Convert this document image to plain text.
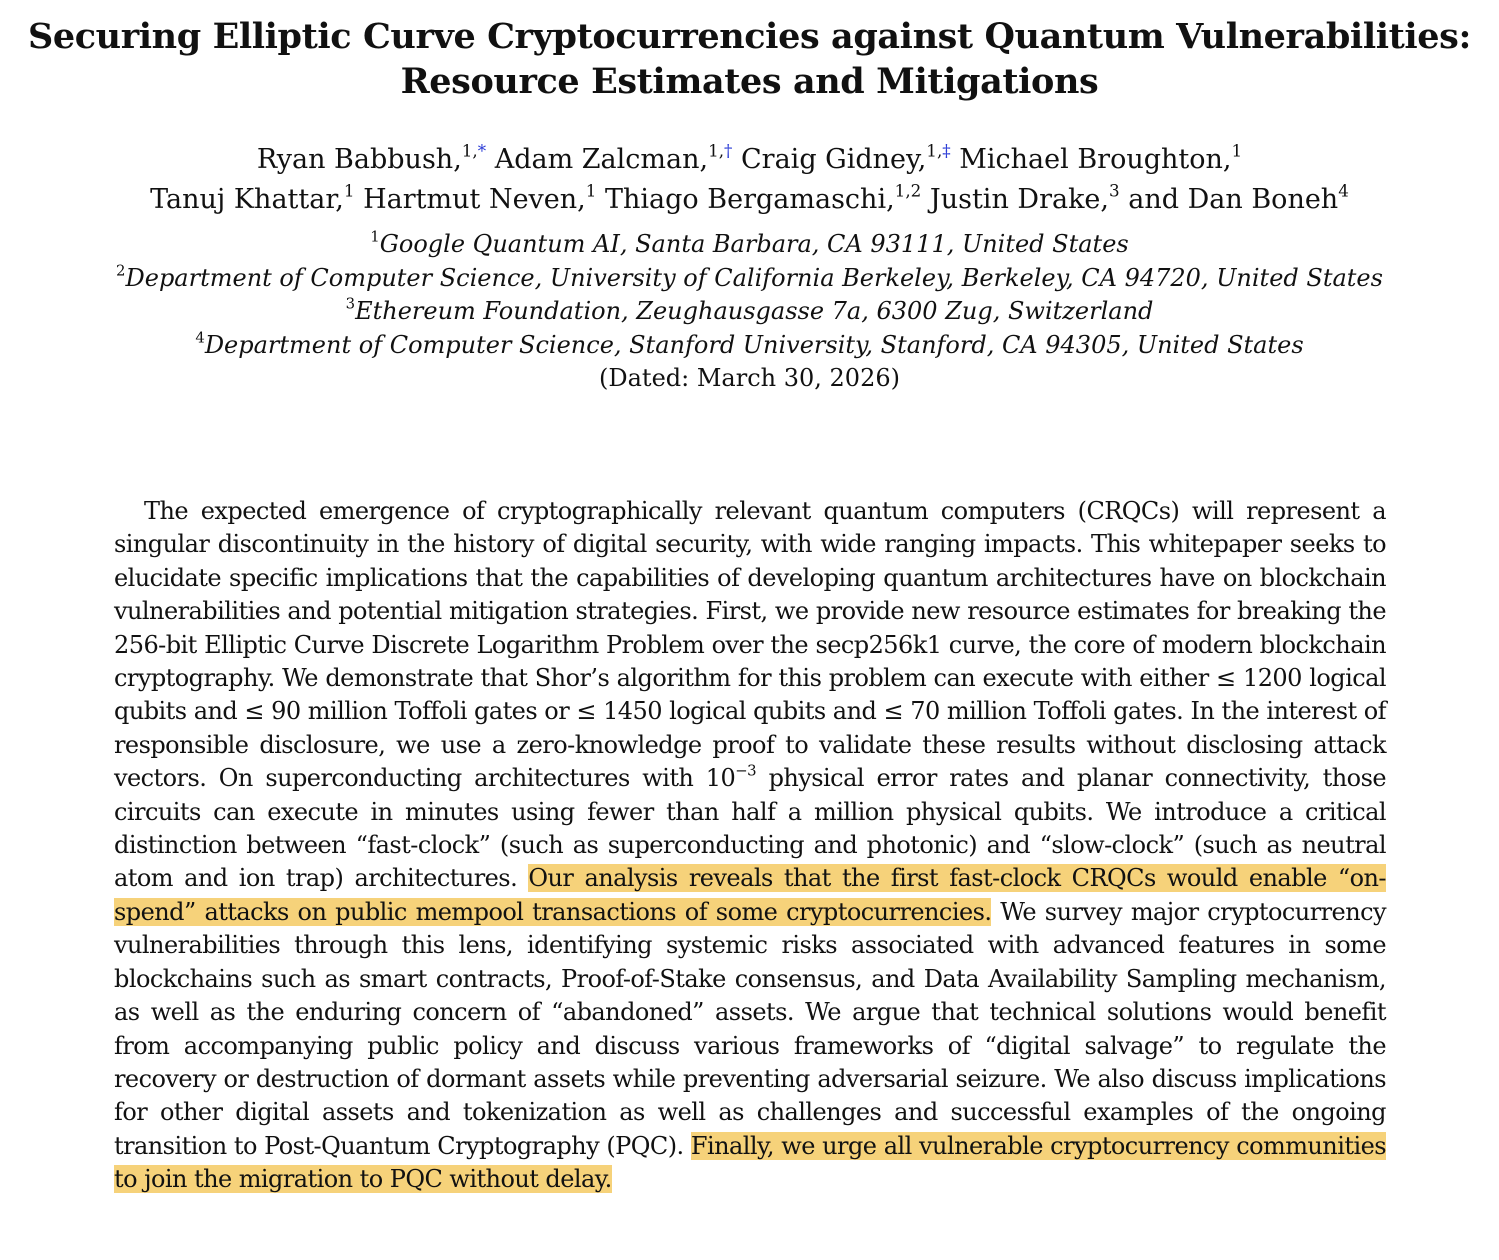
Securing Elliptic Curve Cryptocurrencies against Quantum Vulnerabilities:
Resource Estimates and Mitigations
Ryan Babbush,$^{1,*}$ Adam Zalcman,$^{1,\dagger}$ Craig Gidney,$^{1,\ddagger}$ Michael Broughton,$^1$
Tanuj Khattar,$^1$ Hartmut Neven,$^1$ Thiago Bergamaschi,$^{1,2}$ Justin Drake,$^3$ and Dan Boneh$^4$
$^1$Google Quantum AI, Santa Barbara, CA 93111, United States
$^2$Department of Computer Science, University of California Berkeley, Berkeley, CA 94720, United States
$^3$Ethereum Foundation, Zeughausgasse 7a, 6300 Zug, Switzerland
$^4$Department of Computer Science, Stanford University, Stanford, CA 94305, United States
(Dated: March 30, 2026)
The expected emergence of cryptographically relevant quantum computers (CRQCs) will represent a singular discontinuity in the history of digital security, with wide ranging impacts. This whitepaper seeks to elucidate specific implications that the capabilities of developing quantum architectures have on blockchain vulnerabilities and potential mitigation strategies. First, we provide new resource estimates for breaking the 256-bit Elliptic Curve Discrete Logarithm Problem over the secp256k1 curve, the core of modern blockchain cryptography. We demonstrate that Shor’s algorithm for this problem can execute with either ≤ 1200 logical qubits and ≤ 90 million Toffoli gates or ≤ 1450 logical qubits and ≤ 70 million Toffoli gates. In the interest of responsible disclosure, we use a zero-knowledge proof to validate these results without disclosing attack vectors. On superconducting architectures with $10^{-3}$ physical error rates and planar connectivity, those circuits can execute in minutes using fewer than half a million physical qubits. We introduce a critical distinction between “fast-clock” (such as superconducting and photonic) and “slow-clock” (such as neutral atom and ion trap) architectures. Our analysis reveals that the first fast-clock CRQCs would enable “on-spend” attacks on public mempool transactions of some cryptocurrencies. We survey major cryptocurrency vulnerabilities through this lens, identifying systemic risks associated with advanced features in some blockchains such as smart contracts, Proof-of-Stake consensus, and Data Availability Sampling mechanism, as well as the enduring concern of “abandoned” assets. We argue that technical solutions would benefit from accompanying public policy and discuss various frameworks of “digital salvage” to regulate the recovery or destruction of dormant assets while preventing adversarial seizure. We also discuss implications for other digital assets and tokenization as well as challenges and successful examples of the ongoing transition to Post-Quantum Cryptography (PQC). Finally, we urge all vulnerable cryptocurrency communities to join the migration to PQC without delay.
